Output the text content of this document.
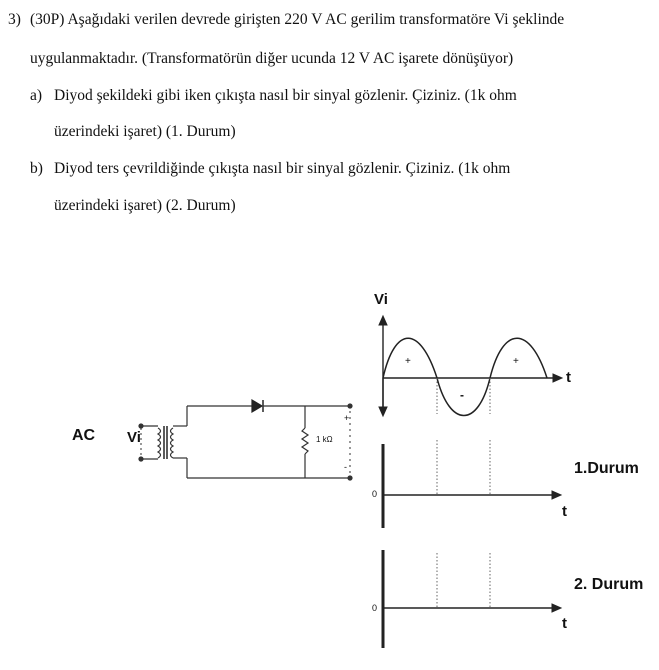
3) (30P) Aşağıdaki verilen devrede girişten 220 V AC gerilim transformatöre Vi şeklinde
uygulanmaktadır. (Transformatörün diğer ucunda 12 V AC işarete dönüşüyor)
a) Diyod şekildeki gibi iken çıkışta nasıl bir sinyal gözlenir. Çiziniz. (1k ohm
üzerindeki işaret) (1. Durum)
b) Diyod ters çevrildiğinde çıkışta nasıl bir sinyal gözlenir. Çiziniz. (1k ohm
üzerindeki işaret) (2. Durum)
AC Vi	1 kΩ
+
-
Vi
t
+	+
-
0
t
1.Durum
0
t
2. Durum
